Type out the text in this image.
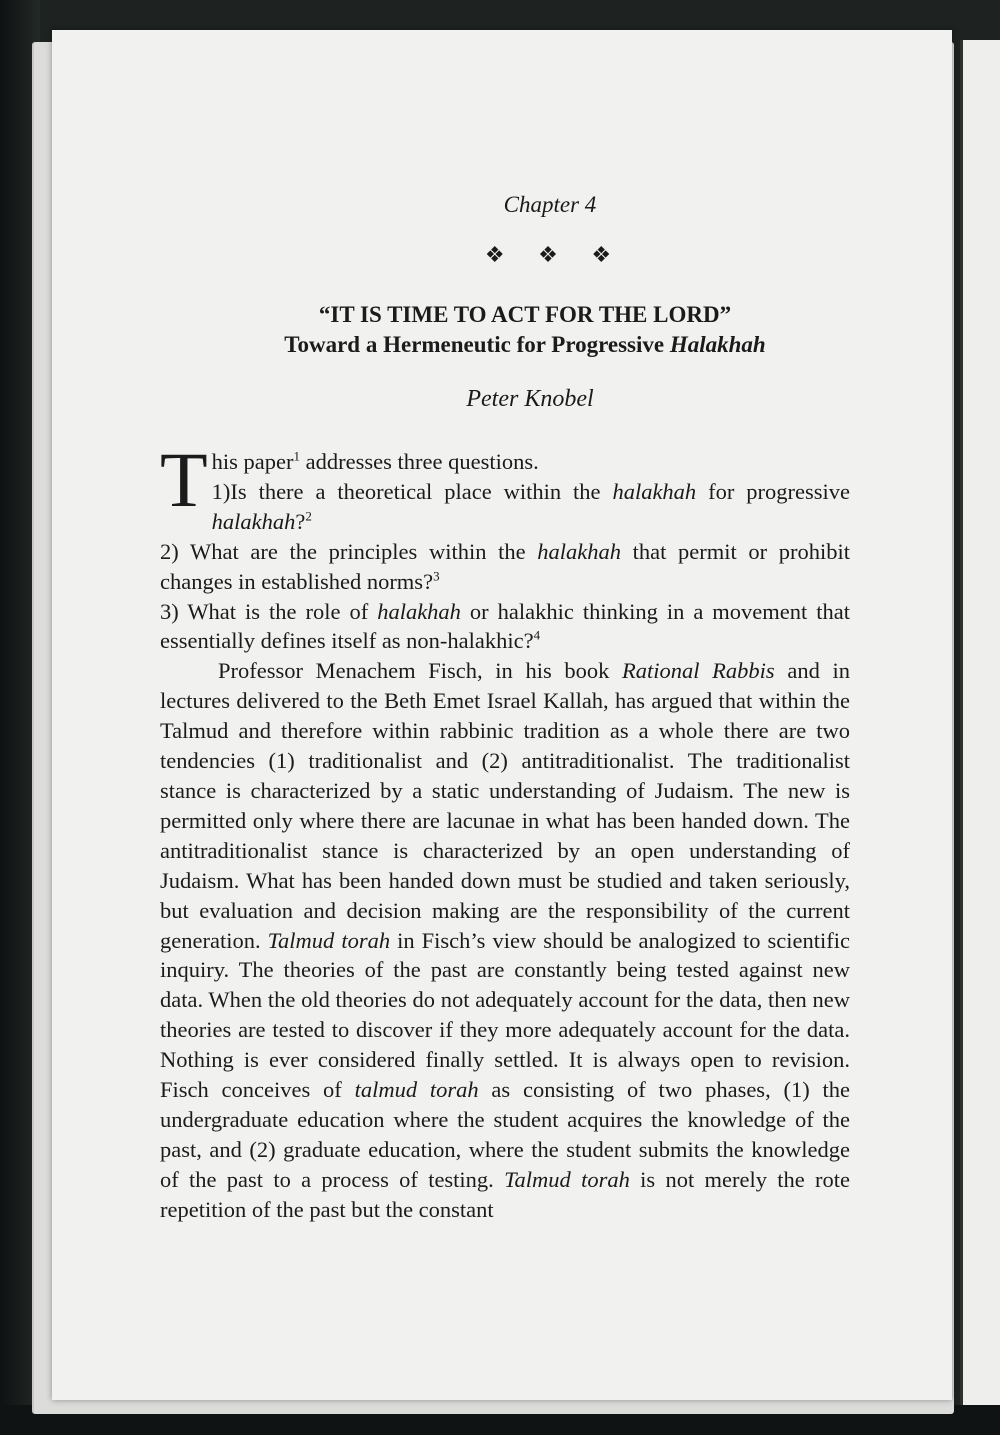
Chapter 4
❖ ❖ ❖
“IT IS TIME TO ACT FOR THE LORD”
Toward a Hermeneutic for Progressive Halakhah
Peter Knobel

This paper$^1$ addresses three questions.
1)Is there a theoretical place within the halakhah for progressive halakhah?$^2$

2) What are the principles within the halakhah that permit or prohibit changes in established norms?$^3$

3) What is the role of halakhah or halakhic thinking in a movement that essentially defines itself as non-halakhic?$^4$

Professor Menachem Fisch, in his book Rational Rabbis and in lectures delivered to the Beth Emet Israel Kallah, has argued that within the Talmud and therefore within rabbinic tradition as a whole there are two tendencies (1) traditionalist and (2) antitraditionalist. The traditionalist stance is characterized by a static understanding of Judaism. The new is permitted only where there are lacunae in what has been handed down. The antitraditionalist stance is characterized by an open understanding of Judaism. What has been handed down must be studied and taken seriously, but evaluation and decision making are the responsibility of the current generation. Talmud torah in Fisch’s view should be analogized to scientific inquiry. The theories of the past are constantly being tested against new data. When the old theories do not adequately account for the data, then new theories are tested to discover if they more adequately account for the data. Nothing is ever considered finally settled. It is always open to revision. Fisch conceives of talmud torah as consisting of two phases, (1) the undergraduate education where the student acquires the knowledge of the past, and (2) graduate education, where the student submits the knowledge of the past to a process of testing. Talmud torah is not merely the rote repetition of the past but the constant
